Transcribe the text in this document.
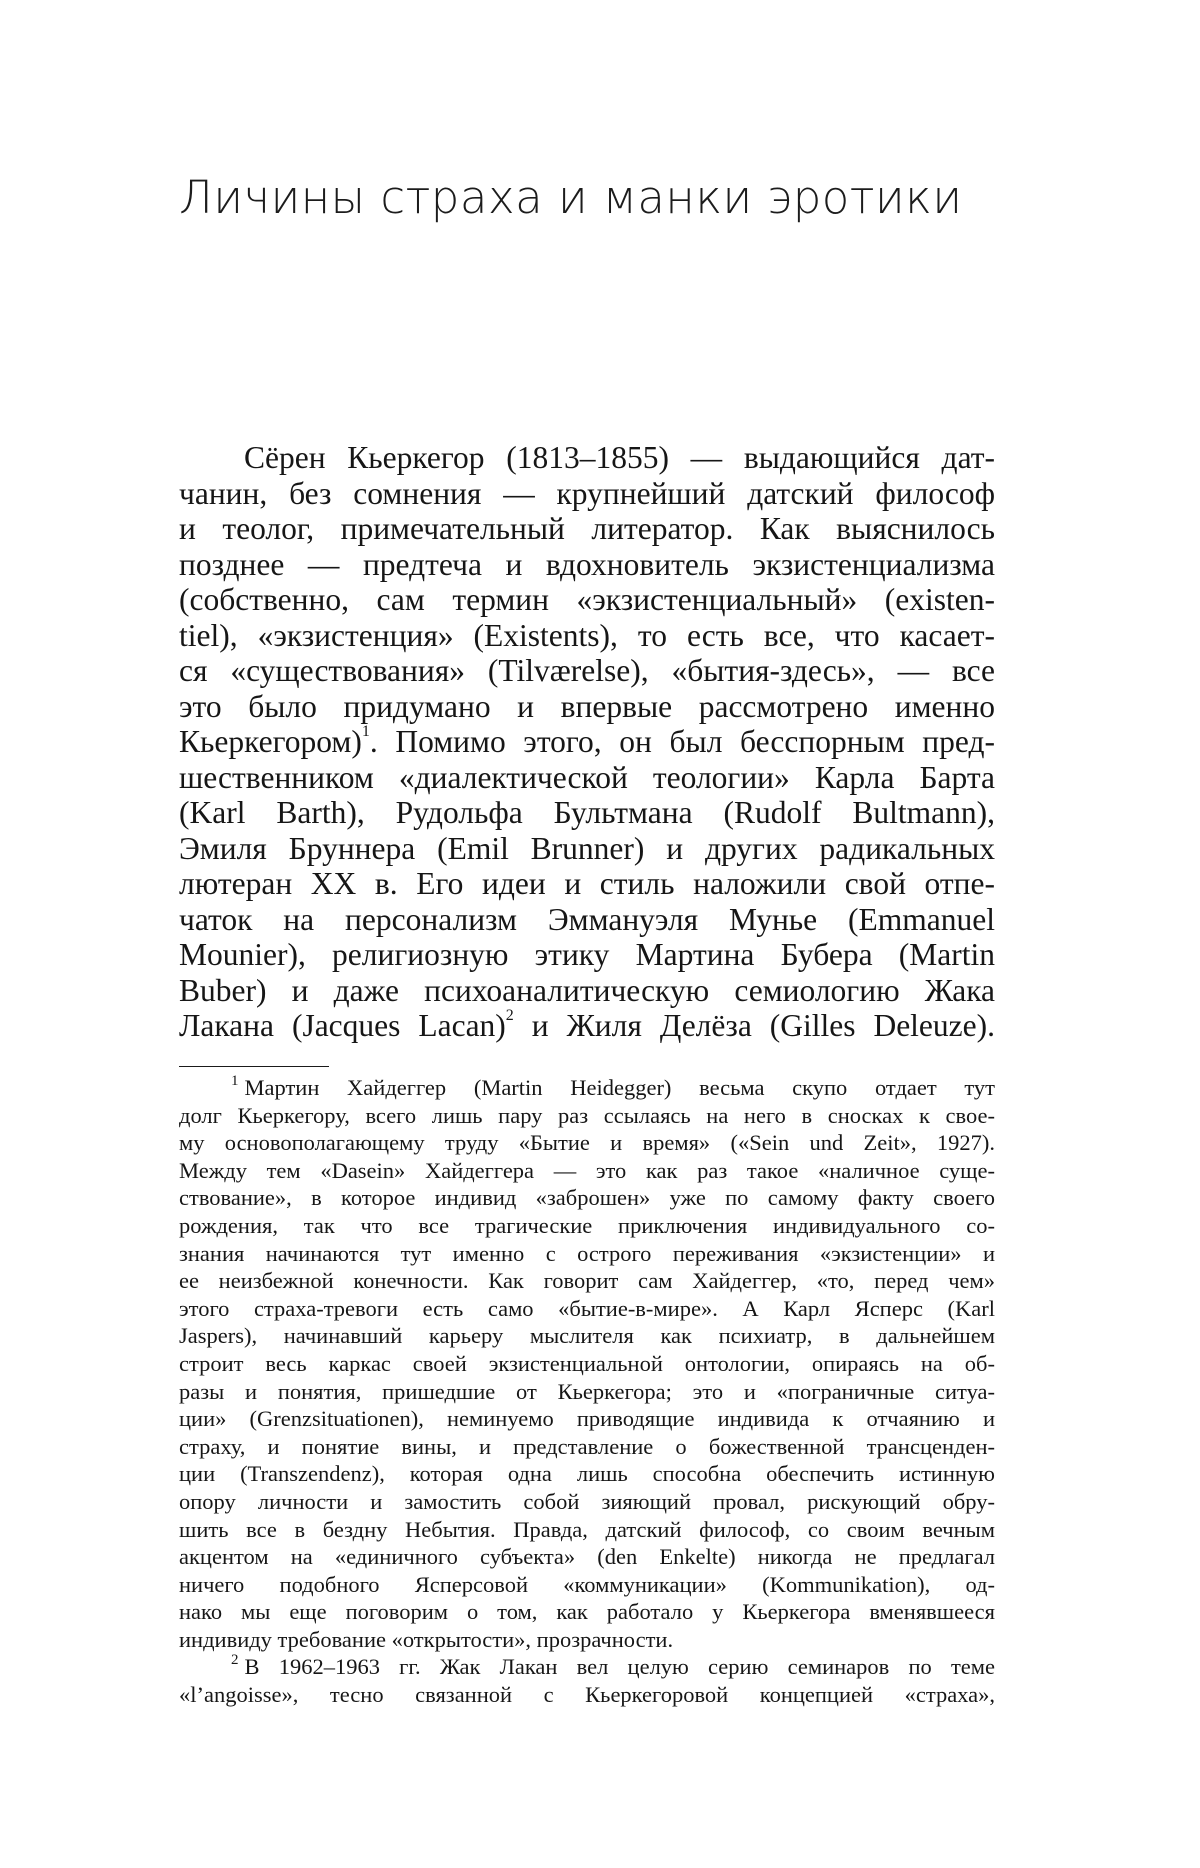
Личины страха и манки эротики
Сёрен Кьеркегор (1813–1855) — выдающийся дат-
чанин, без сомнения — крупнейший датский философ
и теолог, примечательный литератор. Как выяснилось
позднее — предтеча и вдохновитель экзистенциализма
(собственно, сам термин «экзистенциальный» (existen-
tiel), «экзистенция» (Existents), то есть все, что касает-
ся «существования» (Tilværelse), «бытия-здесь», — все
это было придумано и впервые рассмотрено именно
Кьеркегором)$^1$. Помимо этого, он был бесспорным пред-
шественником «диалектической теологии» Карла Барта
(Karl Barth), Рудольфа Бультмана (Rudolf Bultmann),
Эмиля Бруннера (Emil Brunner) и других радикальных
лютеран XX в. Его идеи и стиль наложили свой отпе-
чаток на персонализм Эммануэля Мунье (Emmanuel
Mounier), религиозную этику Мартина Бубера (Martin
Buber) и даже психоаналитическую семиологию Жака
Лакана (Jacques Lacan)$^2$ и Жиля Делёза (Gilles Deleuze).
$^1$ Мартин Хайдеггер (Martin Heidegger) весьма скупо отдает тут
долг Кьеркегору, всего лишь пару раз ссылаясь на него в сносках к свое-
му основополагающему труду «Бытие и время» («Sein und Zeit», 1927).
Между тем «Dasein» Хайдеггера — это как раз такое «наличное суще-
ствование», в которое индивид «заброшен» уже по самому факту своего
рождения, так что все трагические приключения индивидуального со-
знания начинаются тут именно с острого переживания «экзистенции» и
ее неизбежной конечности. Как говорит сам Хайдеггер, «то, перед чем»
этого страха-тревоги есть само «бытие-в-мире». А Карл Ясперс (Karl
Jaspers), начинавший карьеру мыслителя как психиатр, в дальнейшем
строит весь каркас своей экзистенциальной онтологии, опираясь на об-
разы и понятия, пришедшие от Кьеркегора; это и «пограничные ситуа-
ции» (Grenzsituationen), неминуемо приводящие индивида к отчаянию и
страху, и понятие вины, и представление о божественной трансценден-
ции (Transzendenz), которая одна лишь способна обеспечить истинную
опору личности и замостить собой зияющий провал, рискующий обру-
шить все в бездну Небытия. Правда, датский философ, со своим вечным
акцентом на «единичного субъекта» (den Enkelte) никогда не предлагал
ничего подобного Ясперсовой «коммуникации» (Kommunikation), од-
нако мы еще поговорим о том, как работало у Кьеркегора вменявшееся
индивиду требование «открытости», прозрачности.
$^2$ В 1962–1963 гг. Жак Лакан вел целую серию семинаров по теме
«l’angoisse», тесно связанной с Кьеркегоровой концепцией «страха»,
